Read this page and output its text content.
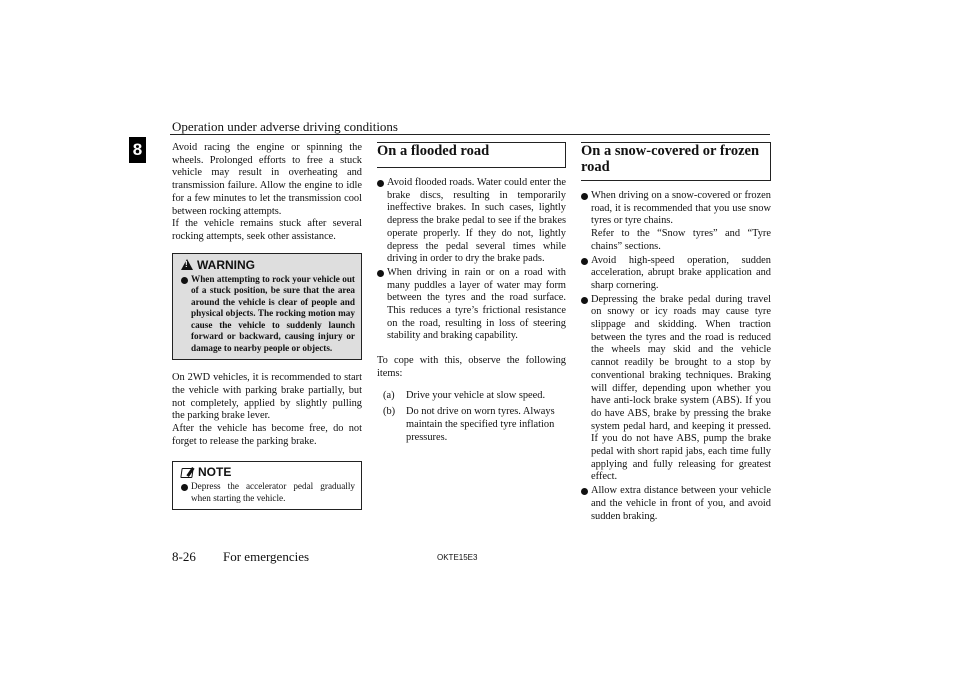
Operation under adverse driving conditions
8	Avoid racing the engine or spinning the wheels. Prolonged efforts to free a stuck vehicle may result in overheating and transmission failure. Allow the engine to idle for a few minutes to let the transmission cool between rocking attempts.

If the vehicle remains stuck after several rocking attempts, seek other assistance.

!WARNING
When attempting to rock your vehicle out of a stuck position, be sure that the area around the vehicle is clear of people and physical objects. The rocking motion may cause the vehicle to suddenly launch forward or backward, causing injury or damage to nearby people or objects.

On 2WD vehicles, it is recommended to start the vehicle with parking brake partially, but not completely, applied by slightly pulling the parking brake lever.

After the vehicle has become free, do not forget to release the parking brake.

NOTE
Depress the accelerator pedal gradually when starting the vehicle.
On a flooded road
Avoid flooded roads. Water could enter the brake discs, resulting in temporarily ineffective brakes. In such cases, lightly depress the brake pedal to see if the brakes operate properly. If they do not, lightly depress the pedal several times while driving in order to dry the brake pads.
When driving in rain or on a road with many puddles a layer of water may form between the tyres and the road surface. This reduces a tyre’s frictional resistance on the road, resulting in loss of steering stability and braking capability.

To cope with this, observe the following items:

(a) Drive your vehicle at slow speed.
(b) Do not drive on worn tyres. Always maintain the specified tyre inflation pressures.
On a snow-covered or frozen road
When driving on a snow-covered or frozen road, it is recommended that you use snow tyres or tyre chains.
Refer to the “Snow tyres” and “Tyre chains” sections.
Avoid high-speed operation, sudden acceleration, abrupt brake application and sharp cornering.
Depressing the brake pedal during travel on snowy or icy roads may cause tyre slippage and skidding. When traction between the tyres and the road is reduced the wheels may skid and the vehicle cannot readily be brought to a stop by conventional braking techniques. Braking will differ, depending upon whether you have anti-lock brake system (ABS). If you do have ABS, brake by pressing the brake system pedal hard, and keeping it pressed. If you do not have ABS, pump the brake pedal with short rapid jabs, each time fully applying and fully releasing for greatest effect.
Allow extra distance between your vehicle and the vehicle in front of you, and avoid sudden braking.
8-26 For emergencies	OKTE15E3
